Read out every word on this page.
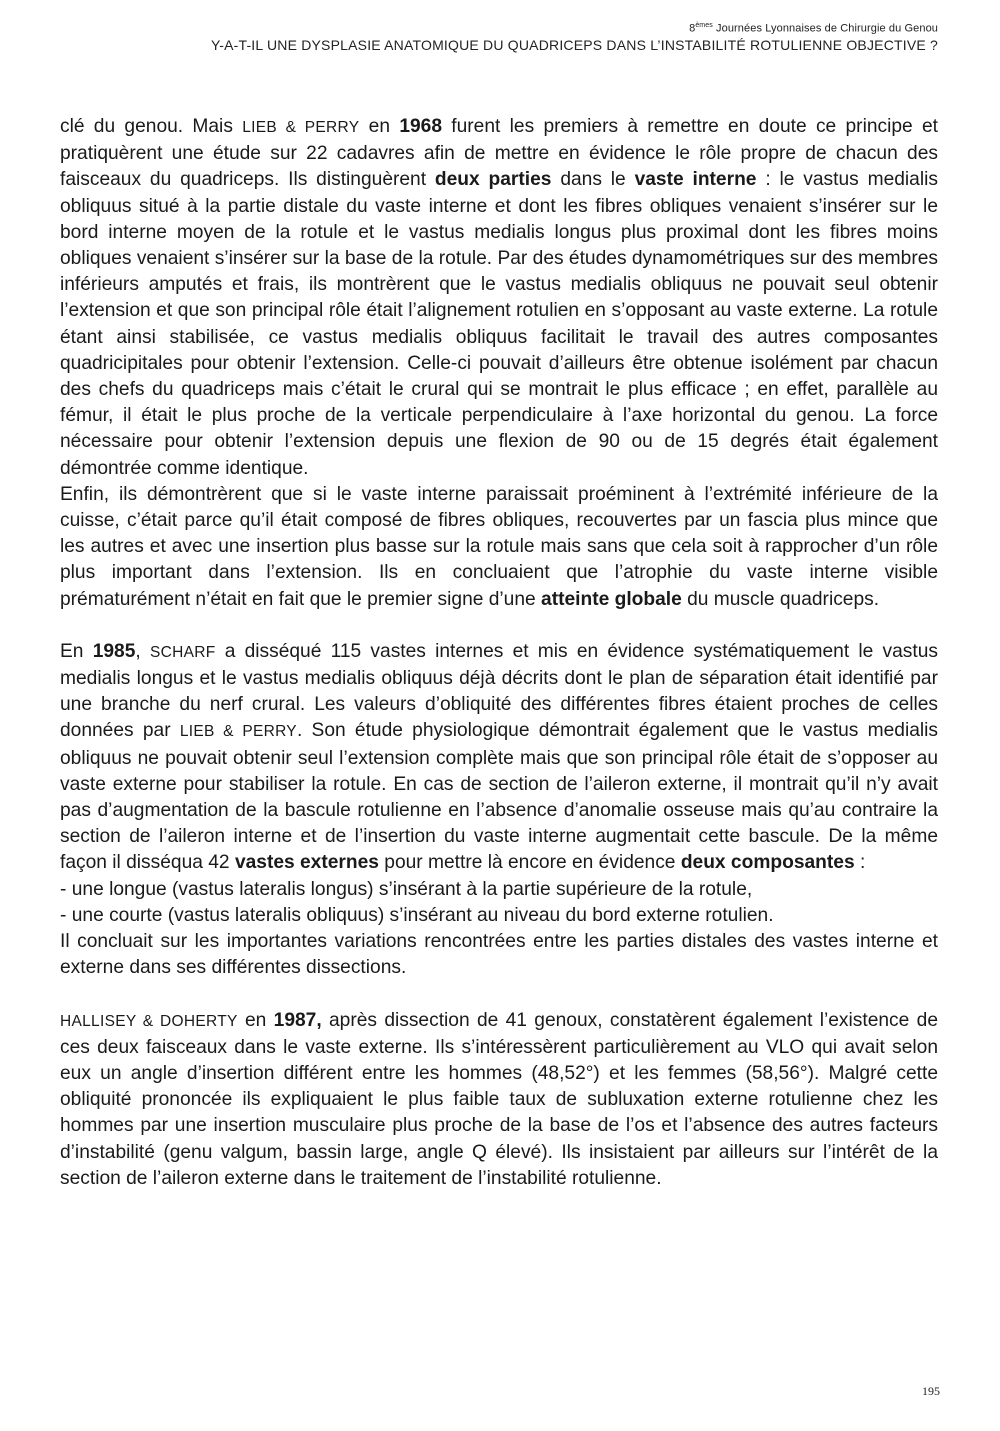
8èmes Journées Lyonnaises de Chirurgie du Genou
Y-A-T-IL UNE DYSPLASIE ANATOMIQUE DU QUADRICEPS DANS L’INSTABILITÉ ROTULIENNE OBJECTIVE ?

clé du genou. Mais LIEB & PERRY en 1968 furent les premiers à remettre en doute ce principe et pratiquèrent une étude sur 22 cadavres afin de mettre en évidence le rôle propre de chacun des faisceaux du quadriceps. Ils distinguèrent deux parties dans le vaste interne : le vastus medialis obliquus situé à la partie distale du vaste interne et dont les fibres obliques venaient s’insérer sur le bord interne moyen de la rotule et le vastus medialis longus plus proximal dont les fibres moins obliques venaient s’insérer sur la base de la rotule. Par des études dynamométriques sur des membres inférieurs amputés et frais, ils montrèrent que le vastus medialis obliquus ne pouvait seul obtenir l’extension et que son principal rôle était l’alignement rotulien en s’opposant au vaste externe. La rotule étant ainsi stabilisée, ce vastus medialis obliquus facilitait le travail des autres composantes quadricipitales pour obtenir l’extension. Celle-ci pouvait d’ailleurs être obtenue isolément par chacun des chefs du quadriceps mais c’était le crural qui se montrait le plus efficace ; en effet, parallèle au fémur, il était le plus proche de la verticale perpendiculaire à l’axe horizontal du genou. La force nécessaire pour obtenir l’extension depuis une flexion de 90 ou de 15 degrés était également démontrée comme identique.

Enfin, ils démontrèrent que si le vaste interne paraissait proéminent à l’extrémité inférieure de la cuisse, c’était parce qu’il était composé de fibres obliques, recouvertes par un fascia plus mince que les autres et avec une insertion plus basse sur la rotule mais sans que cela soit à rapprocher d’un rôle plus important dans l’extension. Ils en concluaient que l’atrophie du vaste interne visible prématurément n’était en fait que le premier signe d’une atteinte globale du muscle quadriceps.

En 1985, SCHARF a disséqué 115 vastes internes et mis en évidence systématiquement le vastus medialis longus et le vastus medialis obliquus déjà décrits dont le plan de séparation était identifié par une branche du nerf crural. Les valeurs d’obliquité des différentes fibres étaient proches de celles données par LIEB & PERRY. Son étude physiologique démontrait également que le vastus medialis obliquus ne pouvait obtenir seul l’extension complète mais que son principal rôle était de s’opposer au vaste externe pour stabiliser la rotule. En cas de section de l’aileron externe, il montrait qu’il n’y avait pas d’augmentation de la bascule rotulienne en l’absence d’anomalie osseuse mais qu’au contraire la section de l’aileron interne et de l’insertion du vaste interne augmentait cette bascule. De la même façon il disséqua 42 vastes externes pour mettre là encore en évidence deux composantes :
- une longue (vastus lateralis longus) s’insérant à la partie supérieure de la rotule,
- une courte (vastus lateralis obliquus) s’insérant au niveau du bord externe rotulien.
Il concluait sur les importantes variations rencontrées entre les parties distales des vastes interne et externe dans ses différentes dissections.

HALLISEY & DOHERTY en 1987, après dissection de 41 genoux, constatèrent également l’existence de ces deux faisceaux dans le vaste externe. Ils s’intéressèrent particulièrement au VLO qui avait selon eux un angle d’insertion différent entre les hommes (48,52°) et les femmes (58,56°). Malgré cette obliquité prononcée ils expliquaient le plus faible taux de subluxation externe rotulienne chez les hommes par une insertion musculaire plus proche de la base de l’os et l’absence des autres facteurs d’instabilité (genu valgum, bassin large, angle Q élevé). Ils insistaient par ailleurs sur l’intérêt de la section de l’aileron externe dans le traitement de l’instabilité rotulienne.

195
